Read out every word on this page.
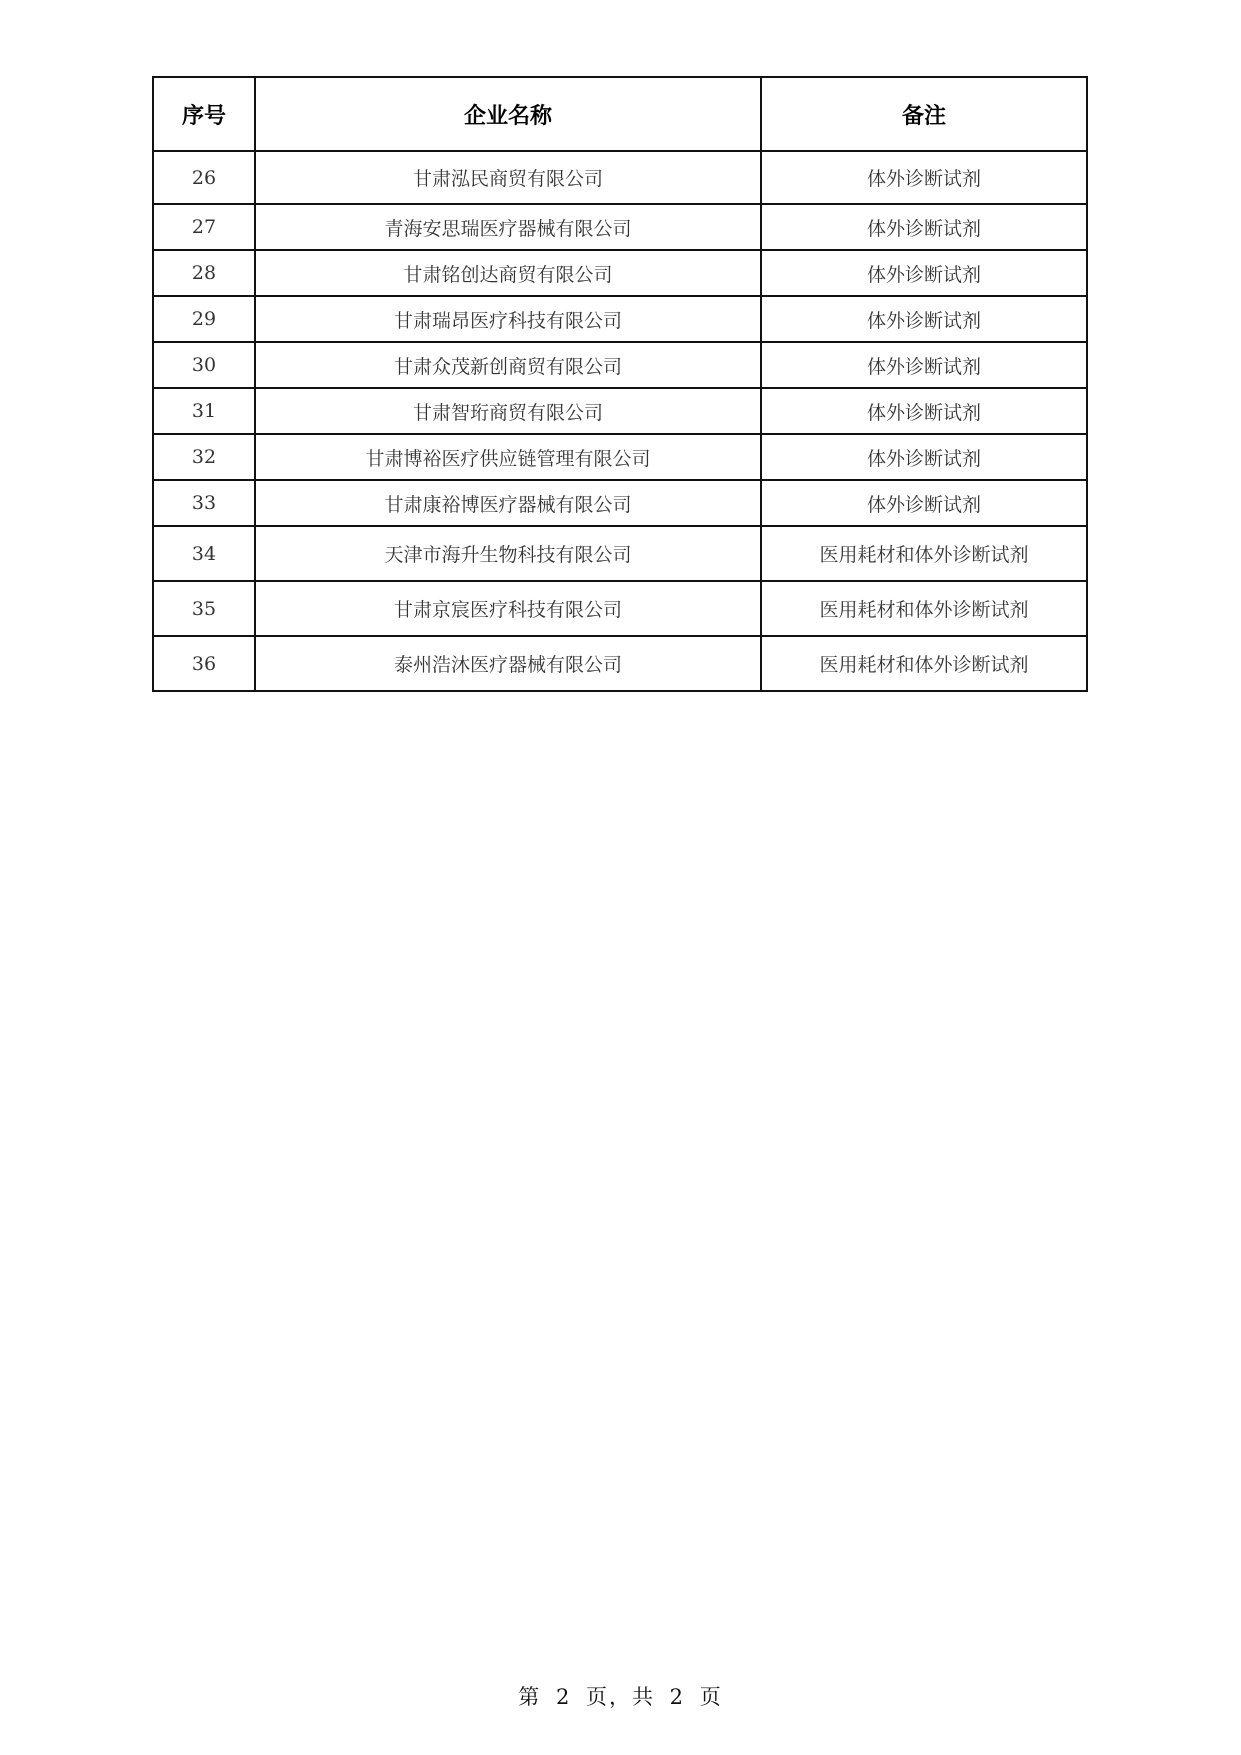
序号	企业名称	备注
26	甘肃泓民商贸有限公司	体外诊断试剂
27	青海安思瑞医疗器械有限公司	体外诊断试剂
28	甘肃铭创达商贸有限公司	体外诊断试剂
29	甘肃瑞昂医疗科技有限公司	体外诊断试剂
30	甘肃众茂新创商贸有限公司	体外诊断试剂
31	甘肃智珩商贸有限公司	体外诊断试剂
32	甘肃博裕医疗供应链管理有限公司	体外诊断试剂
33	甘肃康裕博医疗器械有限公司	体外诊断试剂
34	天津市海升生物科技有限公司	医用耗材和体外诊断试剂
35	甘肃京宸医疗科技有限公司	医用耗材和体外诊断试剂
36	泰州浩沐医疗器械有限公司	医用耗材和体外诊断试剂
第 2 页，共 2 页
